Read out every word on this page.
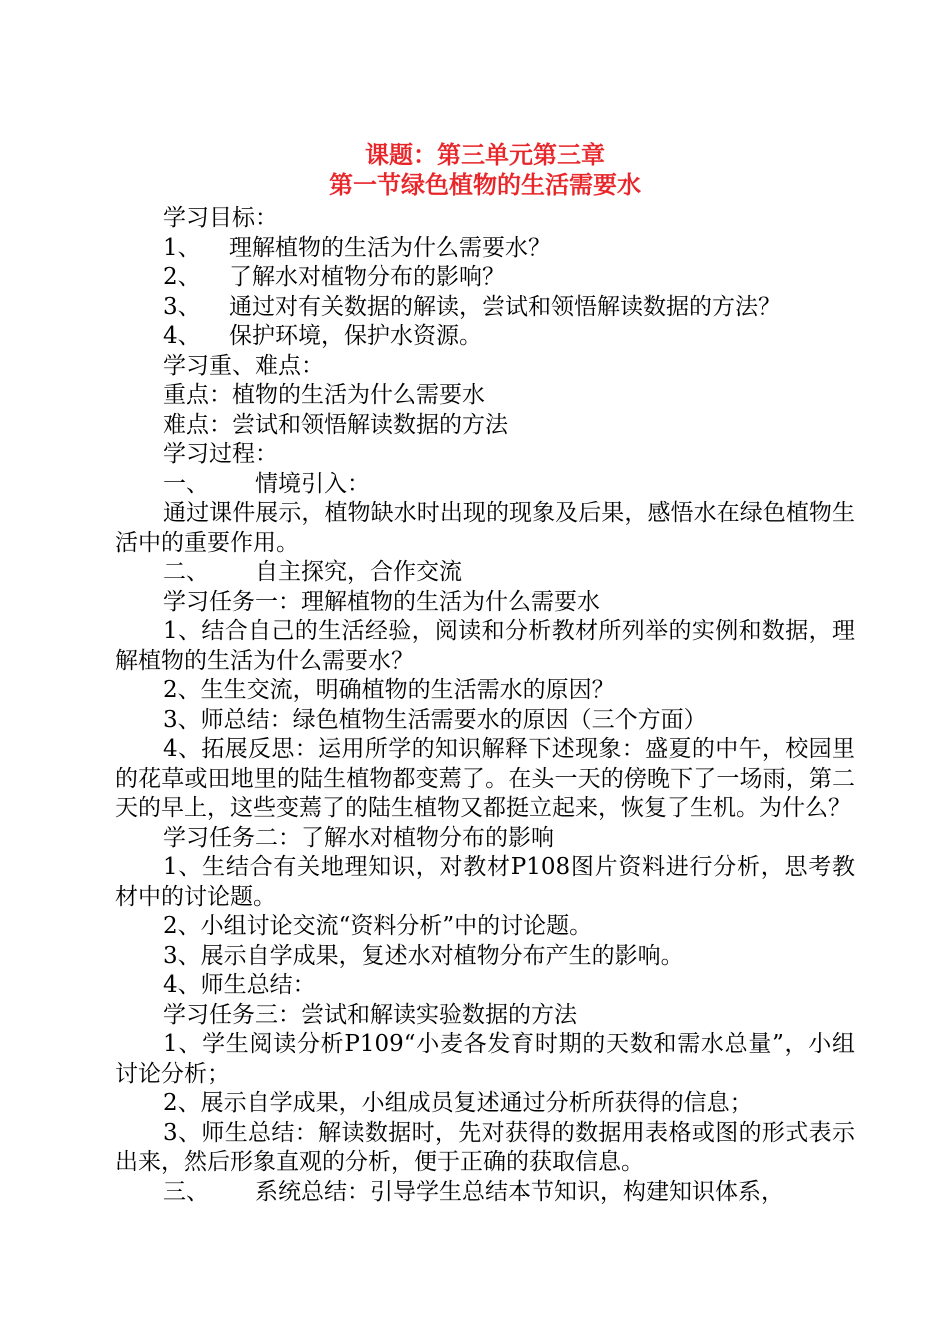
课题：第三单元第三章
第一节绿色植物的生活需要水

学习目标：

1、 理解植物的生活为什么需要水？

2、 了解水对植物分布的影响？

3、 通过对有关数据的解读，尝试和领悟解读数据的方法？

4、 保护环境，保护水资源。

学习重、难点：

重点：植物的生活为什么需要水

难点：尝试和领悟解读数据的方法

学习过程：

一、 情境引入：

通过课件展示，植物缺水时出现的现象及后果，感悟水在绿色植物生活中的重要作用。

二、 自主探究，合作交流

学习任务一：理解植物的生活为什么需要水

1、结合自己的生活经验，阅读和分析教材所列举的实例和数据，理解植物的生活为什么需要水？

2、生生交流，明确植物的生活需水的原因？

3、师总结：绿色植物生活需要水的原因（三个方面）

4、拓展反思：运用所学的知识解释下述现象：盛夏的中午，校园里的花草或田地里的陆生植物都变蔫了。在头一天的傍晚下了一场雨，第二天的早上，这些变蔫了的陆生植物又都挺立起来，恢复了生机。为什么？

学习任务二：了解水对植物分布的影响

1、生结合有关地理知识，对教材P108图片资料进行分析，思考教材中的讨论题。

2、小组讨论交流“资料分析”中的讨论题。

3、展示自学成果，复述水对植物分布产生的影响。

4、师生总结：

学习任务三：尝试和解读实验数据的方法

1、学生阅读分析P109“小麦各发育时期的天数和需水总量”，小组讨论分析；

2、展示自学成果，小组成员复述通过分析所获得的信息；

3、师生总结：解读数据时，先对获得的数据用表格或图的形式表示出来，然后形象直观的分析，便于正确的获取信息。

三、 系统总结：引导学生总结本节知识，构建知识体系，
